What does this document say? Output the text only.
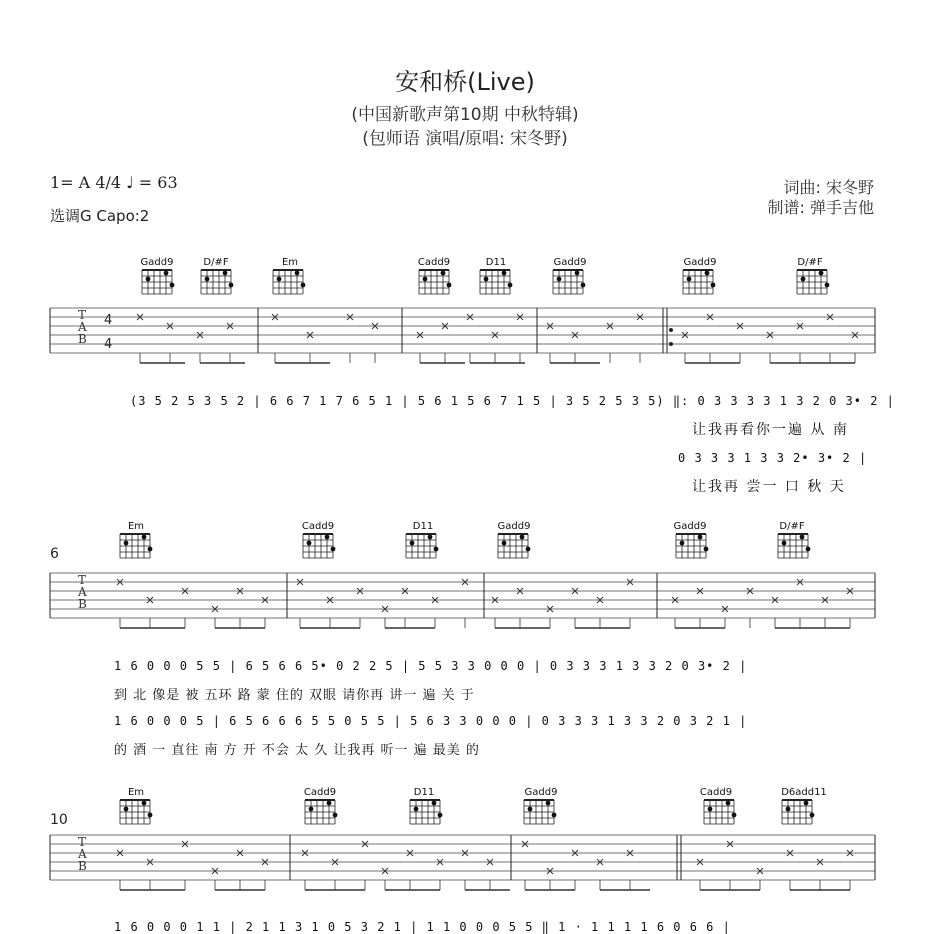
安和桥(Live)
(中国新歌声第10期 中秋特辑)
(包师语 演唱/原唱: 宋冬野)
1= A 4/4 ♩ = 63
选调G Capo:2
词曲: 宋冬野
制谱: 弹手吉他
Gadd9	D/#F	Em	Cadd9	D11	Gadd9	Gadd9	D/#F
4
4
(3 5 2 5 3 5 2 | 6 6 7 1 7 6 5 1 | 5 6 1 5 6 7 1 5 | 3 5 2 5 3 5) ‖: 0 3 3 3 3 1 3 2 0 3• 2 |
让我再看你一遍 从 南
0 3 3 3 1 3 3 2• 3• 2 |
让我再 尝一 口 秋 天
6
Em	Cadd9	D11	Gadd9	Gadd9	D/#F
1 6 0 0 0 5 5 | 6 5 6 6 5• 0 2 2 5 | 5 5 3 3 0 0 0 | 0 3 3 3 1 3 3 2 0 3• 2 |
到 北 像是 被 五环 路 蒙 住的 双眼 请你再 讲一 遍 关 于
1 6 0 0 0 5 | 6 5 6 6 6 5 5 0 5 5 | 5 6 3 3 0 0 0 | 0 3 3 3 1 3 3 2 0 3 2 1 |
的 酒 一 直往 南 方 开 不会 太 久 让我再 听一 遍 最美 的
10
Em	Cadd9	D11	Gadd9	Cadd9	D6add11
1 6 0 0 0 1 1 | 2 1 1 3 1 0 5 3 2 1 | 1 1 0 0 0 5 5 ‖ 1 · 1 1 1 1 6 0 6 6 |
T
A
B
T
A
B
T
A
B
